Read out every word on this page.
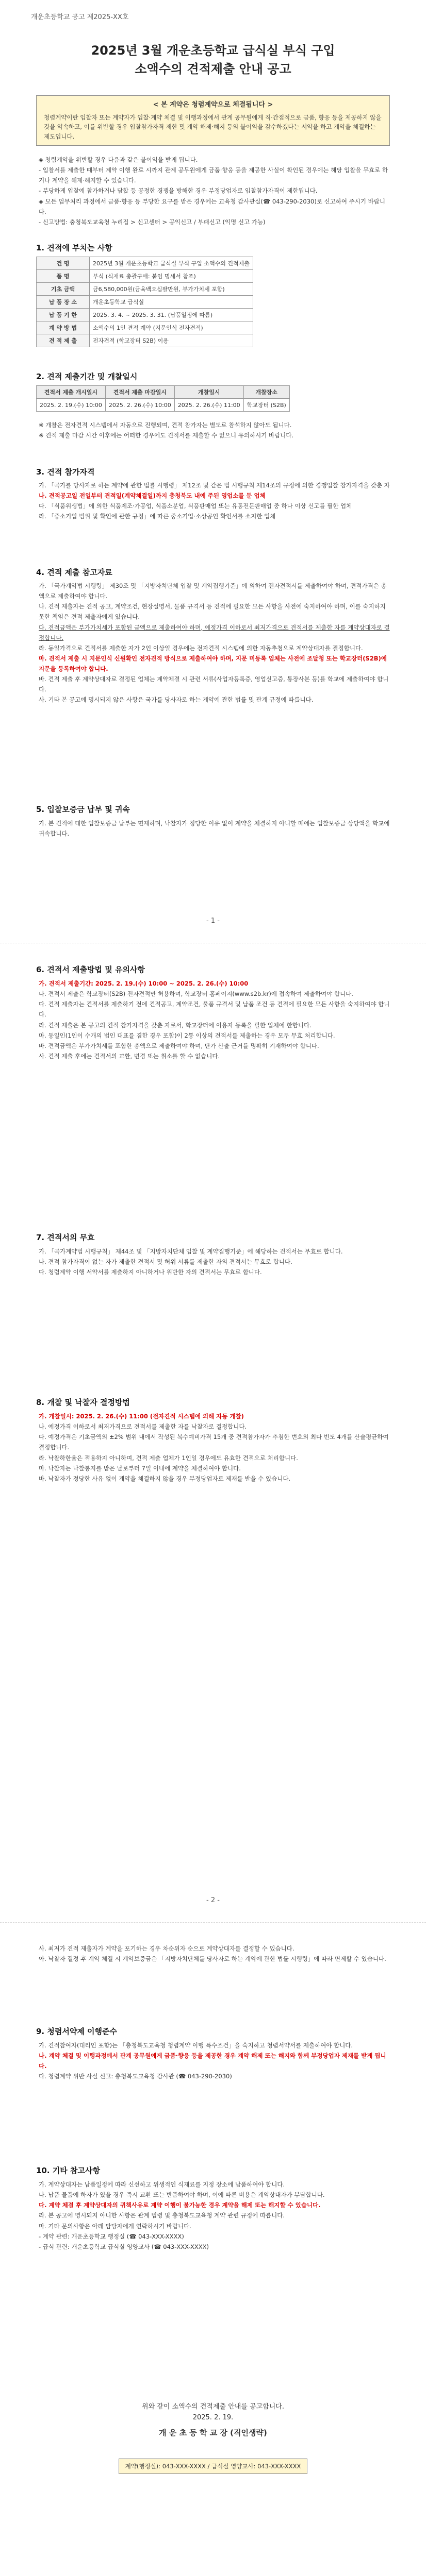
개운초등학교 공고 제2025-XX호
2025년 3월 개운초등학교 급식실 부식 구입
소액수의 견적제출 안내 공고
< 본 계약은 청렴계약으로 체결됩니다 >
청렴계약이란 입찰자 또는 계약자가 입찰·계약 체결 및 이행과정에서 관계 공무원에게 직·간접적으로 금품, 향응 등을 제공하지 않을 것을 약속하고, 이를 위반할 경우 입찰참가자격 제한 및 계약 해제·해지 등의 불이익을 감수하겠다는 서약을 하고 계약을 체결하는 제도입니다.

◈ 청렴계약을 위반할 경우 다음과 같은 불이익을 받게 됩니다.

- 입찰서를 제출한 때부터 계약 이행 완료 시까지 관계 공무원에게 금품·향응 등을 제공한 사실이 확인된 경우에는 해당 입찰을 무효로 하거나 계약을 해제·해지할 수 있습니다.

- 부당하게 입찰에 참가하거나 담합 등 공정한 경쟁을 방해한 경우 부정당업자로 입찰참가자격이 제한됩니다.

◈ 모든 업무처리 과정에서 금품·향응 등 부당한 요구를 받은 경우에는 교육청 감사관실(☎ 043-290-2030)로 신고하여 주시기 바랍니다.

- 신고방법: 충청북도교육청 누리집 > 신고센터 > 공익신고 / 부패신고 (익명 신고 가능)

1. 견적에 부치는 사항
건 명	2025년 3월 개운초등학교 급식실 부식 구입 소액수의 견적제출
품 명	부식 (식재료 총괄구매: 붙임 명세서 참조)
기초 금액	금6,580,000원(금육백오십팔만원, 부가가치세 포함)
납 품 장 소	개운초등학교 급식실
납 품 기 한	2025. 3. 4. ~ 2025. 3. 31. (납품일정에 따름)
계 약 방 법	소액수의 1인 견적 계약 (지문인식 전자견적)
견 적 제 출	전자견적 (학교장터 S2B) 이용
2. 견적 제출기간 및 개찰일시
견적서 제출 개시일시	견적서 제출 마감일시	개찰일시	개찰장소
2025. 2. 19.(수) 10:00	2025. 2. 26.(수) 10:00	2025. 2. 26.(수) 11:00	학교장터 (S2B)

※ 개찰은 전자견적 시스템에서 자동으로 진행되며, 견적 참가자는 별도로 참석하지 않아도 됩니다.

※ 견적 제출 마감 시간 이후에는 어떠한 경우에도 견적서를 제출할 수 없으니 유의하시기 바랍니다.

3. 견적 참가자격

가. 「국가를 당사자로 하는 계약에 관한 법률 시행령」 제12조 및 같은 법 시행규칙 제14조의 규정에 의한 경쟁입찰 참가자격을 갖춘 자

나. 견적공고일 전일부터 견적일(계약체결일)까지 충청북도 내에 주된 영업소를 둔 업체

다. 「식품위생법」에 의한 식품제조·가공업, 식품소분업, 식품판매업 또는 유통전문판매업 중 하나 이상 신고를 필한 업체

라. 「중소기업 범위 및 확인에 관한 규정」에 따른 중소기업·소상공인 확인서를 소지한 업체

4. 견적 제출 참고자료

가. 「국가계약법 시행령」 제30조 및 「지방자치단체 입찰 및 계약집행기준」에 의하여 전자견적서를 제출하여야 하며, 견적가격은 총액으로 제출하여야 합니다.

나. 견적 제출자는 견적 공고, 계약조건, 현장설명서, 물품 규격서 등 견적에 필요한 모든 사항을 사전에 숙지하여야 하며, 이를 숙지하지 못한 책임은 견적 제출자에게 있습니다.

다. 견적금액은 부가가치세가 포함된 금액으로 제출하여야 하며, 예정가격 이하로서 최저가격으로 견적서를 제출한 자를 계약상대자로 결정합니다.

라. 동일가격으로 견적서를 제출한 자가 2인 이상일 경우에는 전자견적 시스템에 의한 자동추첨으로 계약상대자를 결정합니다.

마. 견적서 제출 시 지문인식 신원확인 전자견적 방식으로 제출하여야 하며, 지문 미등록 업체는 사전에 조달청 또는 학교장터(S2B)에 지문을 등록하여야 합니다.

바. 견적 제출 후 계약상대자로 결정된 업체는 계약체결 시 관련 서류(사업자등록증, 영업신고증, 통장사본 등)를 학교에 제출하여야 합니다.

사. 기타 본 공고에 명시되지 않은 사항은 국가를 당사자로 하는 계약에 관한 법률 및 관계 규정에 따릅니다.

5. 입찰보증금 납부 및 귀속

가. 본 견적에 대한 입찰보증금 납부는 면제하며, 낙찰자가 정당한 이유 없이 계약을 체결하지 아니할 때에는 입찰보증금 상당액을 학교에 귀속합니다.

- 1 -
6. 견적서 제출방법 및 유의사항

가. 견적서 제출기간: 2025. 2. 19.(수) 10:00 ~ 2025. 2. 26.(수) 10:00

나. 견적서 제출은 학교장터(S2B) 전자견적만 허용하며, 학교장터 홈페이지(www.s2b.kr)에 접속하여 제출하여야 합니다.

다. 견적 제출자는 견적서를 제출하기 전에 견적공고, 계약조건, 물품 규격서 및 납품 조건 등 견적에 필요한 모든 사항을 숙지하여야 합니다.

라. 견적 제출은 본 공고의 견적 참가자격을 갖춘 자로서, 학교장터에 이용자 등록을 필한 업체에 한합니다.

마. 동일인(1인이 수개의 법인 대표를 겸한 경우 포함)이 2통 이상의 견적서를 제출하는 경우 모두 무효 처리합니다.

바. 견적금액은 부가가치세를 포함한 총액으로 제출하여야 하며, 단가 산출 근거를 명확히 기재하여야 합니다.

사. 견적 제출 후에는 견적서의 교환, 변경 또는 취소를 할 수 없습니다.

7. 견적서의 무효

가. 「국가계약법 시행규칙」 제44조 및 「지방자치단체 입찰 및 계약집행기준」에 해당하는 견적서는 무효로 합니다.

나. 견적 참가자격이 없는 자가 제출한 견적서 및 허위 서류를 제출한 자의 견적서는 무효로 합니다.

다. 청렴계약 이행 서약서를 제출하지 아니하거나 위반한 자의 견적서는 무효로 합니다.

8. 개찰 및 낙찰자 결정방법

가. 개찰일시: 2025. 2. 26.(수) 11:00 (전자견적 시스템에 의해 자동 개찰)

나. 예정가격 이하로서 최저가격으로 견적서를 제출한 자를 낙찰자로 결정합니다.

다. 예정가격은 기초금액의 ±2% 범위 내에서 작성된 복수예비가격 15개 중 견적참가자가 추첨한 번호의 최다 빈도 4개를 산술평균하여 결정합니다.

라. 낙찰하한율은 적용하지 아니하며, 견적 제출 업체가 1인일 경우에도 유효한 견적으로 처리합니다.

마. 낙찰자는 낙찰통지를 받은 날로부터 7일 이내에 계약을 체결하여야 합니다.

바. 낙찰자가 정당한 사유 없이 계약을 체결하지 않을 경우 부정당업자로 제재를 받을 수 있습니다.

- 2 -

사. 최저가 견적 제출자가 계약을 포기하는 경우 차순위자 순으로 계약상대자를 결정할 수 있습니다.

아. 낙찰자 결정 후 계약 체결 시 계약보증금은 「지방자치단체를 당사자로 하는 계약에 관한 법률 시행령」에 따라 면제할 수 있습니다.

9. 청렴서약제 이행준수

가. 견적참여자(대리인 포함)는 「충청북도교육청 청렴계약 이행 특수조건」을 숙지하고 청렴서약서를 제출하여야 합니다.

나. 계약 체결 및 이행과정에서 관계 공무원에게 금품·향응 등을 제공한 경우 계약 해제 또는 해지와 함께 부정당업자 제재를 받게 됩니다.

다. 청렴계약 위반 사실 신고: 충청북도교육청 감사관 (☎ 043-290-2030)

10. 기타 참고사항

가. 계약상대자는 납품일정에 따라 신선하고 위생적인 식재료를 지정 장소에 납품하여야 합니다.

나. 납품 물품에 하자가 있을 경우 즉시 교환 또는 반품하여야 하며, 이에 따른 비용은 계약상대자가 부담합니다.

다. 계약 체결 후 계약상대자의 귀책사유로 계약 이행이 불가능한 경우 계약을 해제 또는 해지할 수 있습니다.

라. 본 공고에 명시되지 아니한 사항은 관계 법령 및 충청북도교육청 계약 관련 규정에 따릅니다.

마. 기타 문의사항은 아래 담당자에게 연락하시기 바랍니다.

- 계약 관련: 개운초등학교 행정실 (☎ 043-XXX-XXXX)

- 급식 관련: 개운초등학교 급식실 영양교사 (☎ 043-XXX-XXXX)

위와 같이 소액수의 견적제출 안내를 공고합니다.
2025. 2. 19.
개 운 초 등 학 교 장 (직인생략)
계약(행정실): 043-XXX-XXXX / 급식실 영양교사: 043-XXX-XXXX
